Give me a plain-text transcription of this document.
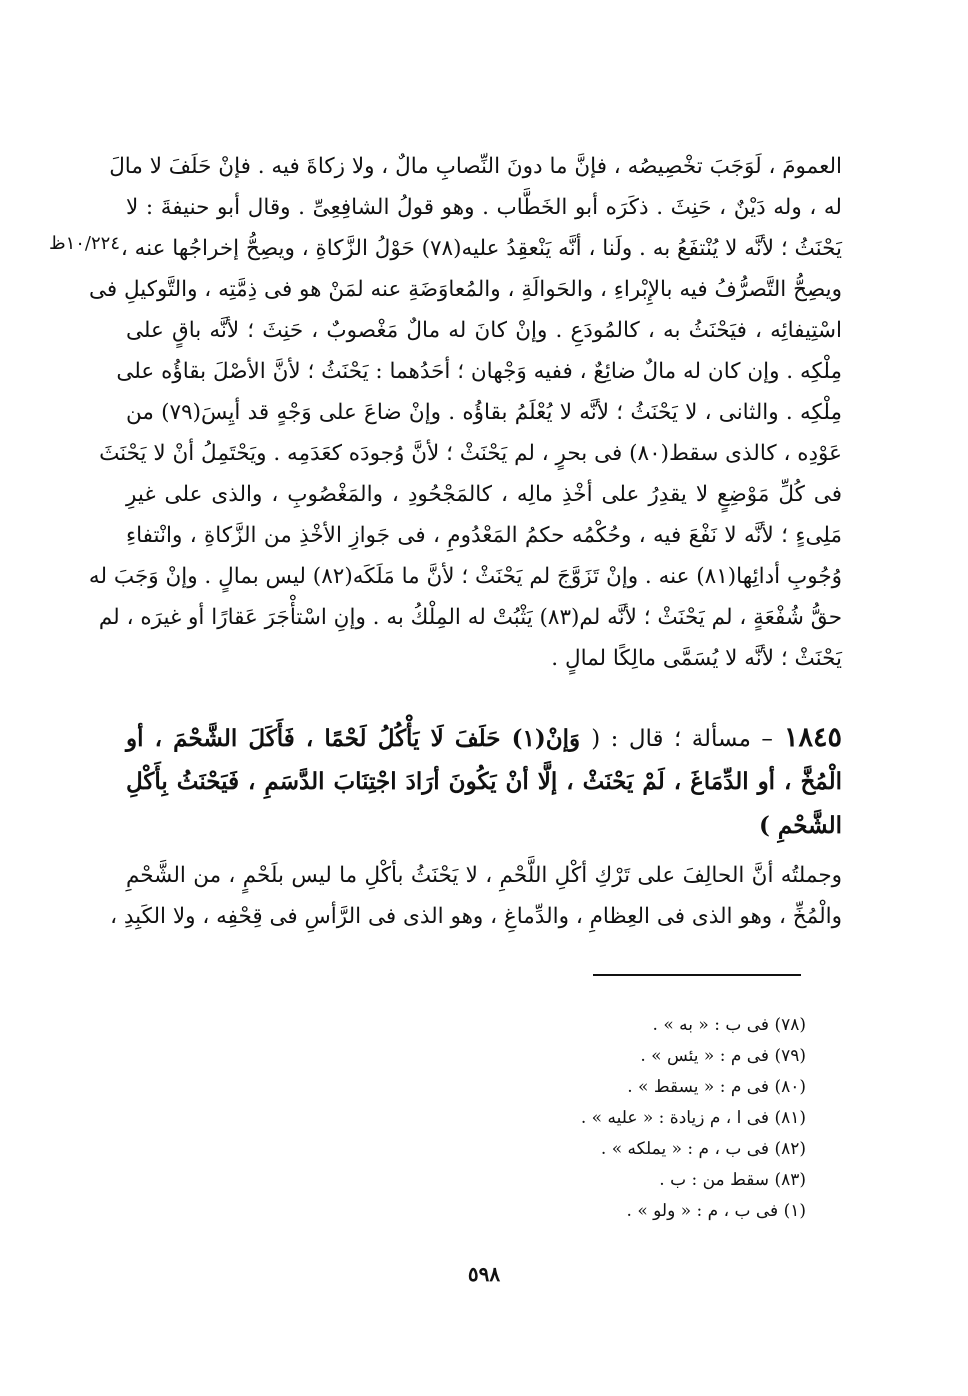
١٠/٢٢٤ظ
العمومَ ، لَوَجَبَ تخْصِيصُه ، فإنَّ ما دونَ النِّصابِ مالٌ ، ولا زكاةَ فيه . فإنْ حَلَفَ لا مالَ
له ، وله دَيْنٌ ، حَنِثَ . ذكَرَه أبو الخَطَّاب . وهو قولُ الشافِعِىِّ . وقال أبو حنيفةَ : لا
يَحْنَثُ ؛ لأنَّه لا يُنْتفَعُ به . ولَنا ، أنَّه يَنْعقِدُ عليه(٧٨) حَوْلُ الزَّكاةِ ، ويصِحُّ إخراجُها عنه ،
ويصِحُّ التَّصرُّفُ فيه بالإِبْراءِ ، والحَوالَةِ ، والمُعاوَضَةِ عنه لمَنْ هو فى ذِمَّتِه ، والتَّوكيلِ فى
اسْتِيفائِه ، فيَحْنَثُ به ، كالمُودَعِ . وإنْ كانَ له مالٌ مَغْصوبٌ ، حَنِثَ ؛ لأنَّه باقٍ على
مِلْكِه . وإن كان له مالٌ ضائِعٌ ، ففيه وَجْهان ؛ أحَدُهما : يَحْنَثُ ؛ لأنَّ الأصْلَ بقاؤُه على
مِلْكِه . والثانى ، لا يَحْنَثُ ؛ لأنَّه لا يُعْلَمُ بقاؤُه . وإنْ ضاعَ على وَجْهٍ قد أيِسَ(٧٩) من
عَوْدِه ، كالذى سقط(٨٠) فى بحرٍ ، لم يَحْنَثْ ؛ لأنَّ وُجودَه كعَدَمِه . ويَحْتَمِلُ أنْ لا يَحْنَثَ
فى كُلِّ مَوْضِعٍ لا يقدِرُ على أخْذِ مالِه ، كالمَجْحُودِ ، والمَغْصُوبِ ، والذى على غيرِ
مَلِىءٍ ؛ لأنَّه لا نَفْعَ فيه ، وحُكْمُه حكمُ المَعْدُومِ ، فى جَوازِ الأخْذِ من الزَّكاةِ ، وانْتفاءِ
وُجُوبِ أدائِها(٨١) عنه . وإنْ تَزَوَّجَ لم يَحْنَثْ ؛ لأنَّ ما مَلَكَه(٨٢) ليس بمالٍ . وإنْ وَجَبَ له
حقُّ شُفْعَةٍ ، لم يَحْنَثْ ؛ لأنَّه لم(٨٣) يَثْبُتْ له المِلْكُ به . وإنِ اسْتأْجَرَ عَقارًا أو غيرَه ، لم
يَحْنَثْ ؛ لأنَّه لا يُسَمَّى مالِكًا لمالٍ .
١٨٤٥ – مسألة ؛ قال : ( وَإنْ(١) حَلَفَ لَا يَأْكُلُ لَحْمًا ، فَأَكَلَ الشَّحْمَ ، أو
الْمُخَّ ، أو الدِّمَاغَ ، لَمْ يَحْنَثْ ، إلَّا أنْ يَكُونَ أرَادَ اجْتِنَابَ الدَّسَمِ ، فَيَحْنَثُ بِأَكْلِ
الشَّحْمِ )
وجملتُه أنَّ الحالِفَ على تَرْكِ أكْلِ اللَّحْمِ ، لا يَحْنَثُ بأكْلِ ما ليس بلَحْمٍ ، من الشَّحْمِ
والْمُخِّ ، وهو الذى فى العِظامِ ، والدِّماغِ ، وهو الذى فى الرَّأسِ فى قِحْفِه ، ولا الكَبِدِ ،
(٧٨) فى ب : « به » .
(٧٩) فى م : « يئس » .
(٨٠) فى م : « يسقط » .
(٨١) فى ا ، م زيادة : « عليه » .
(٨٢) فى ب ، م : « يملكه » .
(٨٣) سقط من : ب .
(١) فى ب ، م : « ولو » .
٥٩٨
